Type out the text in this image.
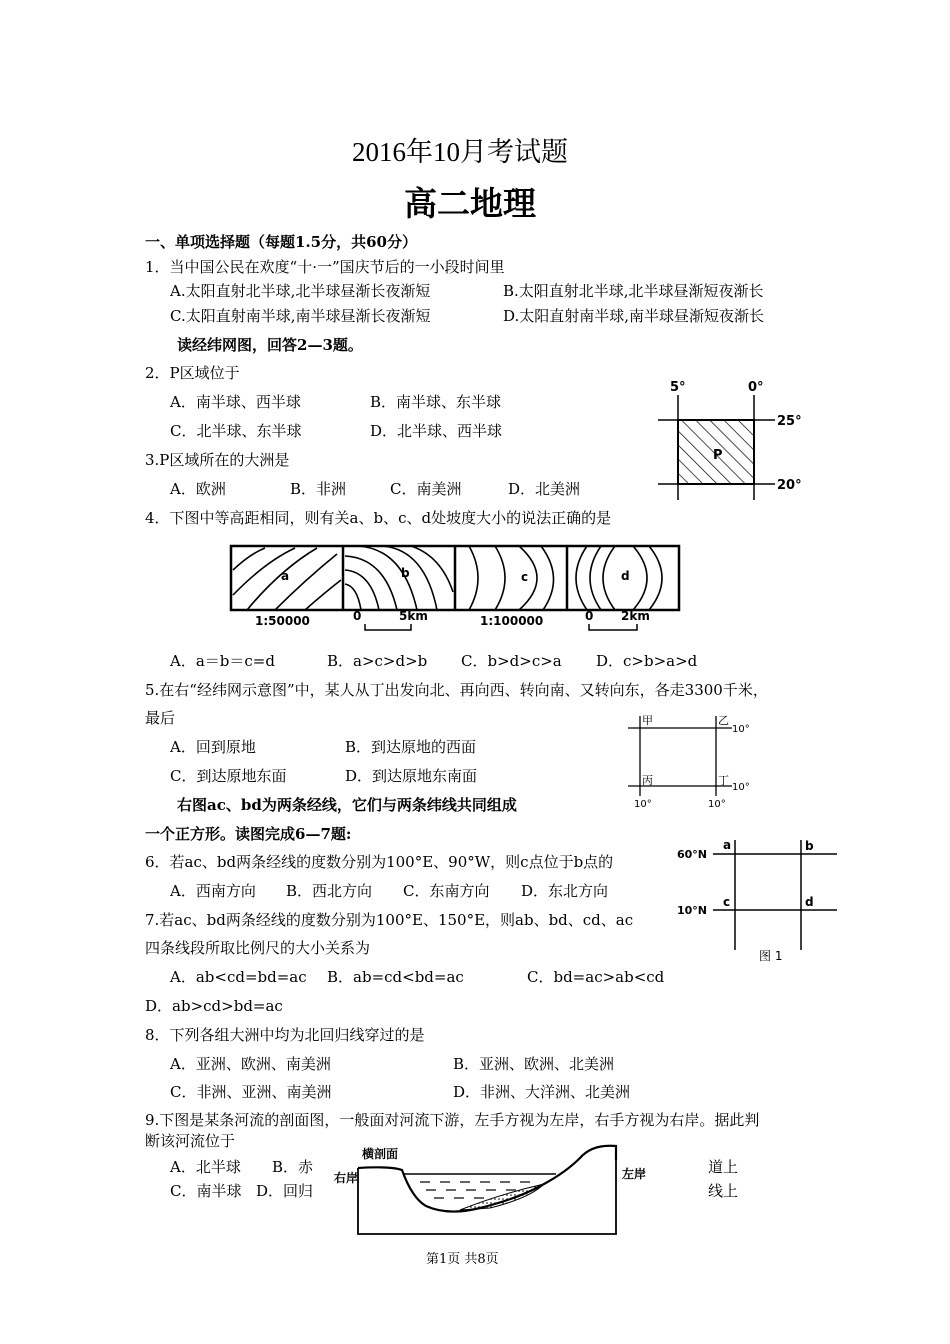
2016年10月考试题
高二地理
一、单项选择题（每题1.5分，共60分）
1．当中国公民在欢度“十·一”国庆节后的一小段时间里
A.太阳直射北半球,北半球昼渐长夜渐短	B.太阳直射北半球,北半球昼渐短夜渐长
C.太阳直射南半球,南半球昼渐长夜渐短	D.太阳直射南半球,南半球昼渐短夜渐长
读经纬网图，回答2—3题。
2．P区域位于
A．南半球、西半球	B．南半球、东半球
C．北半球、东半球	D．北半球、西半球
3.P区域所在的大洲是
A．欧洲	B．非洲	C．南美洲	D．北美洲
5°	0°
25°
20°
P
4．下图中等高距相同，则有关a、b、c、d处坡度大小的说法正确的是
a	b	c	d
1:50000	0	5km	1:100000	0 2km
A．a＝b＝c=d	B．a>c>d>b C．b>d>c>a D．c>b>a>d
5.在右“经纬网示意图”中，某人从丁出发向北、再向西、转向南、又转向东，各走3300千米，
最后
A．回到原地	B．到达原地的西面
C．到达原地东面	D．到达原地东南面
甲	乙
丙	丁
10°
10°
10°	10°
右图ac、bd为两条经线，它们与两条纬线共同组成
一个正方形。读图完成6—7题:
6．若ac、bd两条经线的度数分别为100°E、90°W，则c点位于b点的
A．西南方向 B．西北方向 C．东南方向 D．东北方向
60°N
10°N
a	b
c	d
图 1
7.若ac、bd两条经线的度数分别为100°E、150°E，则ab、bd、cd、ac
四条线段所取比例尺的大小关系为
A．ab<cd=bd=ac B．ab=cd<bd=ac	C．bd=ac>ab<cd
D．ab>cd>bd=ac
8．下列各组大洲中均为北回归线穿过的是
A．亚洲、欧洲、南美洲	B．亚洲、欧洲、北美洲
C．非洲、亚洲、南美洲	D．非洲、大洋洲、北美洲
9.下图是某条河流的剖面图，一般面对河流下游，左手方视为左岸，右手方视为右岸。据此判
断该河流位于
A．北半球 B．赤	道上
C．南半球 D．回归	线上
横剖面
右岸	左岸
第1页 共8页
